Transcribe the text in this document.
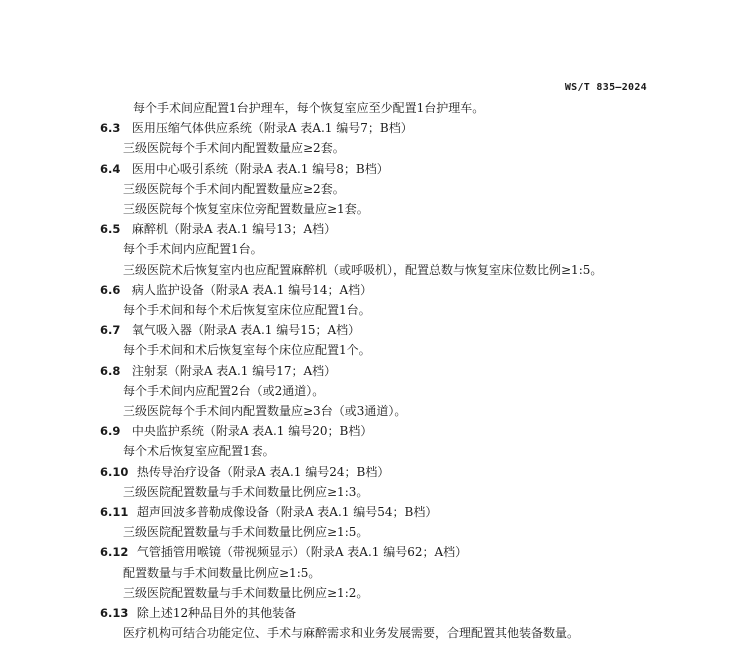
WS/T 835—2024
每个手术间应配置1台护理车，每个恢复室应至少配置1台护理车。
6.3 医用压缩气体供应系统（附录A 表A.1 编号7；B档）
三级医院每个手术间内配置数量应≥2套。
6.4 医用中心吸引系统（附录A 表A.1 编号8；B档）
三级医院每个手术间内配置数量应≥2套。
三级医院每个恢复室床位旁配置数量应≥1套。
6.5 麻醉机（附录A 表A.1 编号13；A档）
每个手术间内应配置1台。
三级医院术后恢复室内也应配置麻醉机（或呼吸机），配置总数与恢复室床位数比例≥1:5。
6.6 病人监护设备（附录A 表A.1 编号14；A档）
每个手术间和每个术后恢复室床位应配置1台。
6.7 氧气吸入器（附录A 表A.1 编号15；A档）
每个手术间和术后恢复室每个床位应配置1个。
6.8 注射泵（附录A 表A.1 编号17；A档）
每个手术间内应配置2台（或2通道）。
三级医院每个手术间内配置数量应≥3台（或3通道）。
6.9 中央监护系统（附录A 表A.1 编号20；B档）
每个术后恢复室应配置1套。
6.10 热传导治疗设备（附录A 表A.1 编号24；B档）
三级医院配置数量与手术间数量比例应≥1:3。
6.11 超声回波多普勒成像设备（附录A 表A.1 编号54；B档）
三级医院配置数量与手术间数量比例应≥1:5。
6.12 气管插管用喉镜（带视频显示）（附录A 表A.1 编号62；A档）
配置数量与手术间数量比例应≥1:5。
三级医院配置数量与手术间数量比例应≥1:2。
6.13 除上述12种品目外的其他装备
医疗机构可结合功能定位、手术与麻醉需求和业务发展需要，合理配置其他装备数量。
